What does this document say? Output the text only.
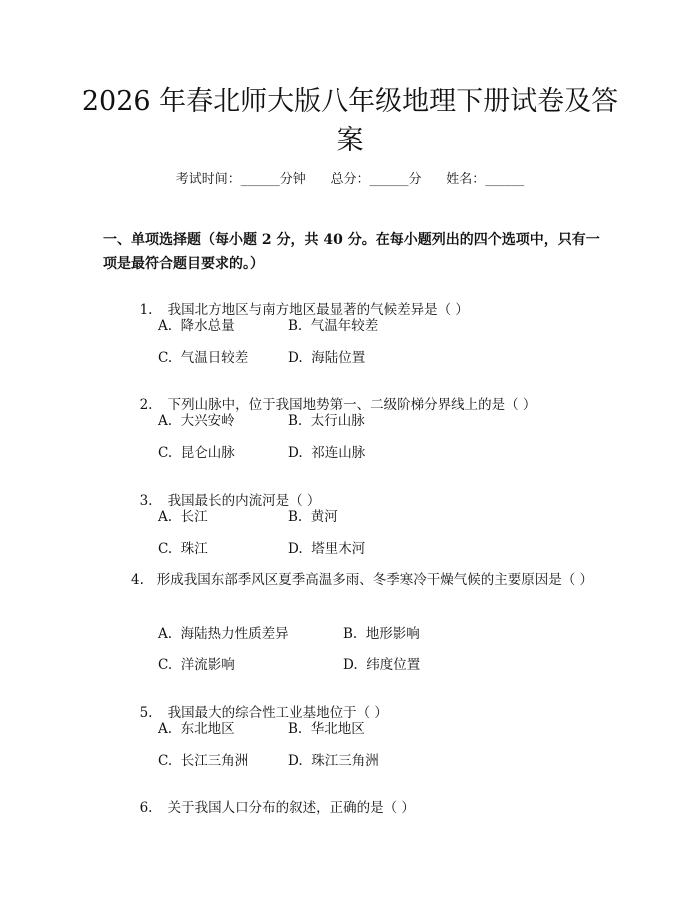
2026 年春北师大版八年级地理下册试卷及答
案
考试时间：______分钟      总分：______分      姓名：______
一、单项选择题（每小题 2 分，共 40 分。在每小题列出的四个选项中，只有一项是最符合题目要求的。）

1. 我国北方地区与南方地区最显著的气候差异是（ ）

A.  降水总量	B.  气温年较差
C.  气温日较差	D.  海陆位置

2. 下列山脉中，位于我国地势第一、二级阶梯分界线上的是（ ）

A.  大兴安岭	B.  太行山脉
C.  昆仑山脉	D.  祁连山脉

3. 我国最长的内流河是（ ）

A.  长江	B.  黄河
C.  珠江	D.  塔里木河
4. 形成我国东部季风区夏季高温多雨、冬季寒冷干燥气候的主要原因是（ ）
A.  海陆热力性质差异	B.  地形影响
C.  洋流影响	D.  纬度位置

5. 我国最大的综合性工业基地位于（ ）

A.  东北地区	B.  华北地区
C.  长江三角洲	D.  珠江三角洲

6. 关于我国人口分布的叙述，正确的是（ ）
